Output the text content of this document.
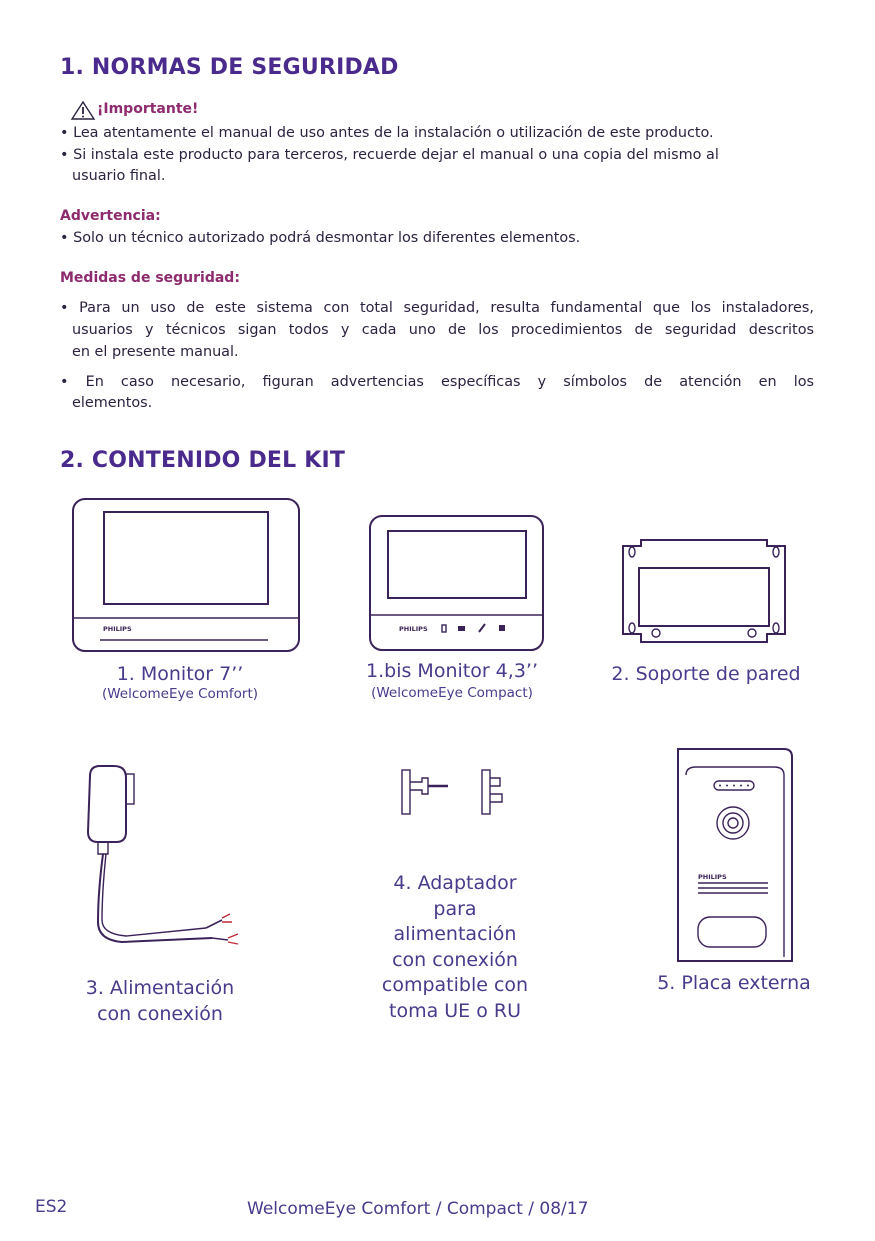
1. NORMAS DE SEGURIDAD
¡Importante!
• Lea atentamente el manual de uso antes de la instalación o utilización de este producto.
• Si instala este producto para terceros, recuerde dejar el manual o una copia del mismo al
usuario final.
Advertencia:
• Solo un técnico autorizado podrá desmontar los diferentes elementos.
Medidas de seguridad:
• Para un uso de este sistema con total seguridad, resulta fundamental que los instaladores,
usuarios y técnicos sigan todos y cada uno de los procedimientos de seguridad descritos
en el presente manual.
• En caso necesario, figuran advertencias específicas y símbolos de atención en los
elementos.
2. CONTENIDO DEL KIT
PHILIPS
1. Monitor 7’’
(WelcomeEye Comfort)
PHILIPS
1.bis Monitor 4,3’’
(WelcomeEye Compact)
2. Soporte de pared
3. Alimentación
con conexión
4. Adaptador
para
alimentación
con conexión
compatible con
toma UE o RU
PHILIPS
5. Placa externa
ES2	WelcomeEye Comfort / Compact / 08/17
